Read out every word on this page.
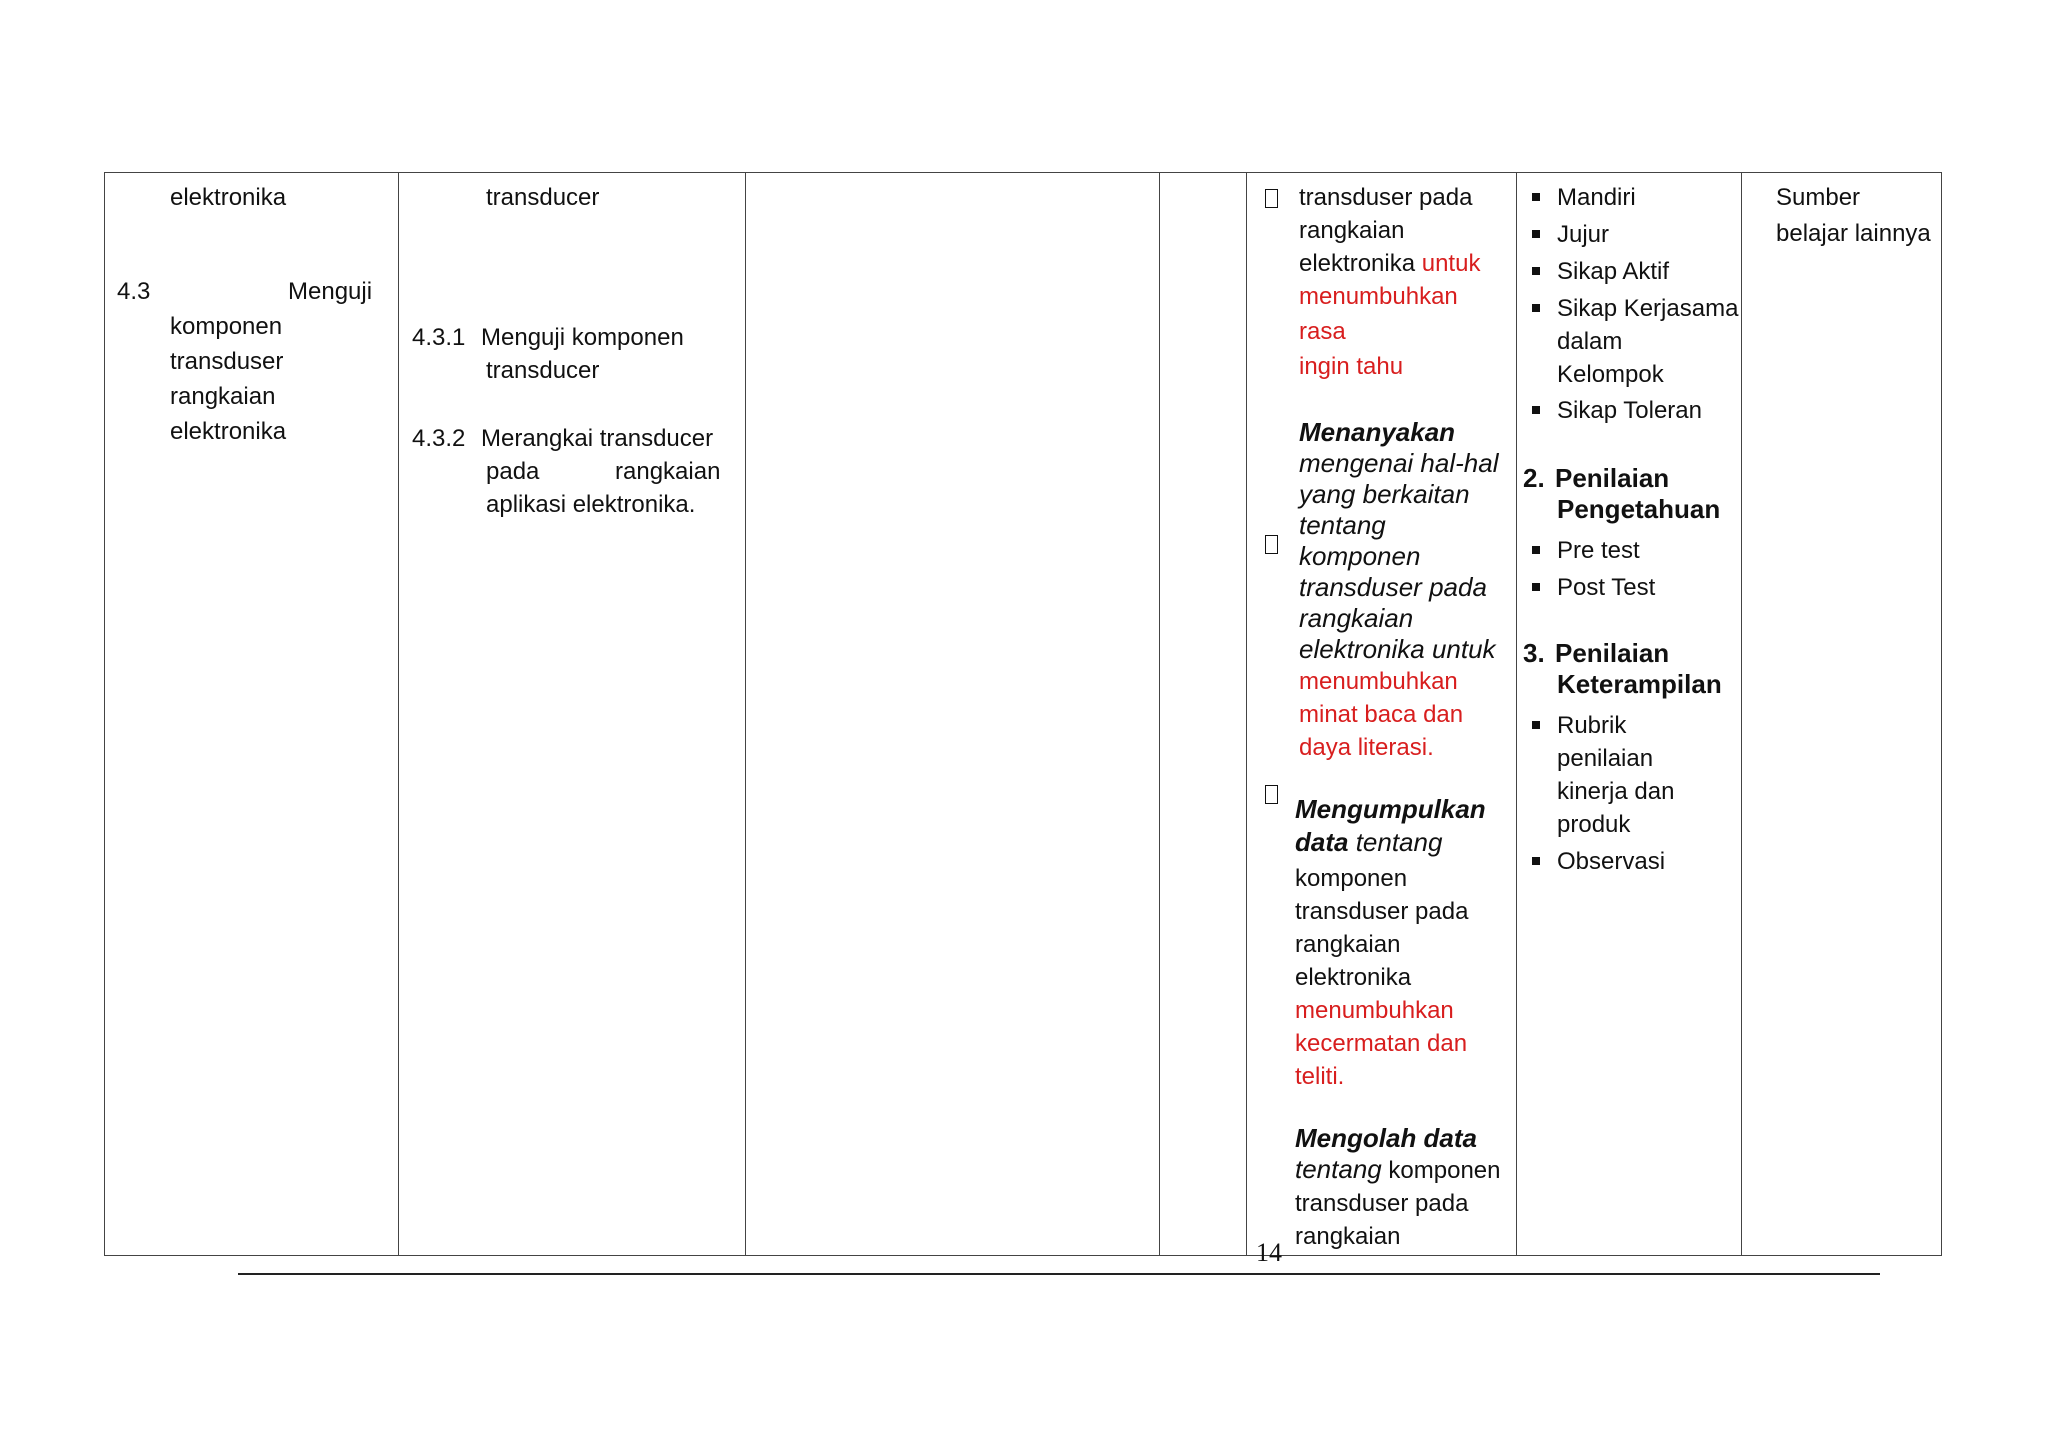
elektronika
4.3	Menguji
komponen
transduser
rangkaian
elektronika
transducer
4.3.1 Menguji komponen
transducer
4.3.2 Merangkai transducer
pada	rangkaian
aplikasi elektronika.
transduser pada
rangkaian
elektronika untuk
menumbuhkan
rasa
ingin tahu
Menanyakan
mengenai hal-hal
yang berkaitan
tentang
komponen
transduser pada
rangkaian
elektronika untuk
menumbuhkan
minat baca dan
daya literasi.
Mengumpulkan
data tentang
komponen
transduser pada
rangkaian
elektronika
menumbuhkan
kecermatan dan
teliti.
Mengolah data
tentang komponen
transduser pada
rangkaian
Mandiri
Jujur
Sikap Aktif
Sikap Kerjasama
dalam
Kelompok
Sikap Toleran
2. Penilaian
Pengetahuan
Pre test
Post Test
3. Penilaian
Keterampilan
Rubrik
penilaian
kinerja dan
produk
Observasi
Sumber
belajar lainnya
14
